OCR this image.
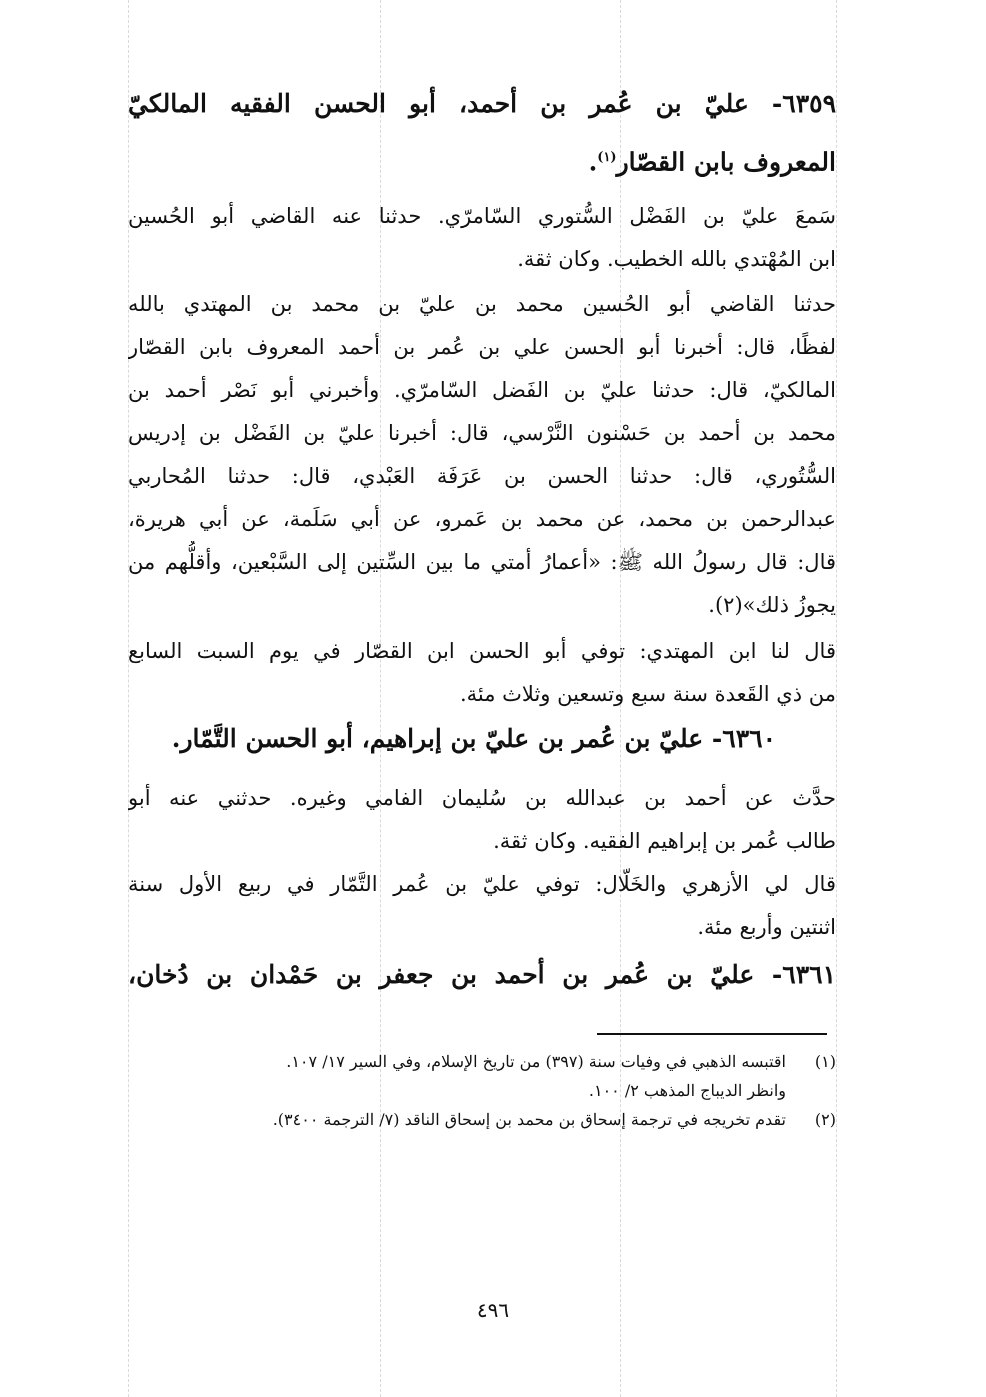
٦٣٥٩- عليّ بن عُمر بن أحمد، أبو الحسن الفقيه المالكيّ

المعروف بابن القصّار$^{(١)}$.

سَمعَ عليّ بن الفَضْل السُّتوري السّامرّي. حدثنا عنه القاضي أبو الحُسين

ابن المُهْتدي بالله الخطيب. وكان ثقة.

حدثنا القاضي أبو الحُسين محمد بن عليّ بن محمد بن المهتدي بالله

لفظًا، قال: أخبرنا أبو الحسن علي بن عُمر بن أحمد المعروف بابن القصّار

المالكيّ، قال: حدثنا عليّ بن الفَضل السّامرّي. وأخبرني أبو نَصْر أحمد بن

محمد بن أحمد بن حَسْنون النَّرْسي، قال: أخبرنا عليّ بن الفَضْل بن إدريس

السُّتُوري، قال: حدثنا الحسن بن عَرَفَة العَبْدي، قال: حدثنا المُحاربي

عبدالرحمن بن محمد، عن محمد بن عَمرو، عن أبي سَلَمة، عن أبي هريرة،

قال: قال رسولُ الله ﷺ: «أعمارُ أمتي ما بين السِّتين إلى السَّبْعين، وأقلُّهم من

يجوزُ ذلك»(٢).

قال لنا ابن المهتدي: توفي أبو الحسن ابن القصّار في يوم السبت السابع

من ذي القَعدة سنة سبع وتسعين وثلاث مئة.

٦٣٦٠- عليّ بن عُمر بن عليّ بن إبراهيم، أبو الحسن التَّمّار.

حدَّث عن أحمد بن عبدالله بن سُليمان الفامي وغيره. حدثني عنه أبو

طالب عُمر بن إبراهيم الفقيه. وكان ثقة.

قال لي الأزهري والخَلّال: توفي عليّ بن عُمر التَّمّار في ربيع الأول سنة

اثنتين وأربع مئة.

٦٣٦١- عليّ بن عُمر بن أحمد بن جعفر بن حَمْدان بن دُخان،

(١)اقتبسه الذهبي في وفيات سنة (٣٩٧) من تاريخ الإسلام، وفي السير ١٧/ ١٠٧.
وانظر الديباج المذهب ٢/ ١٠٠.
(٢)تقدم تخريجه في ترجمة إسحاق بن محمد بن إسحاق الناقد (٧/ الترجمة ٣٤٠٠).
٤٩٦
